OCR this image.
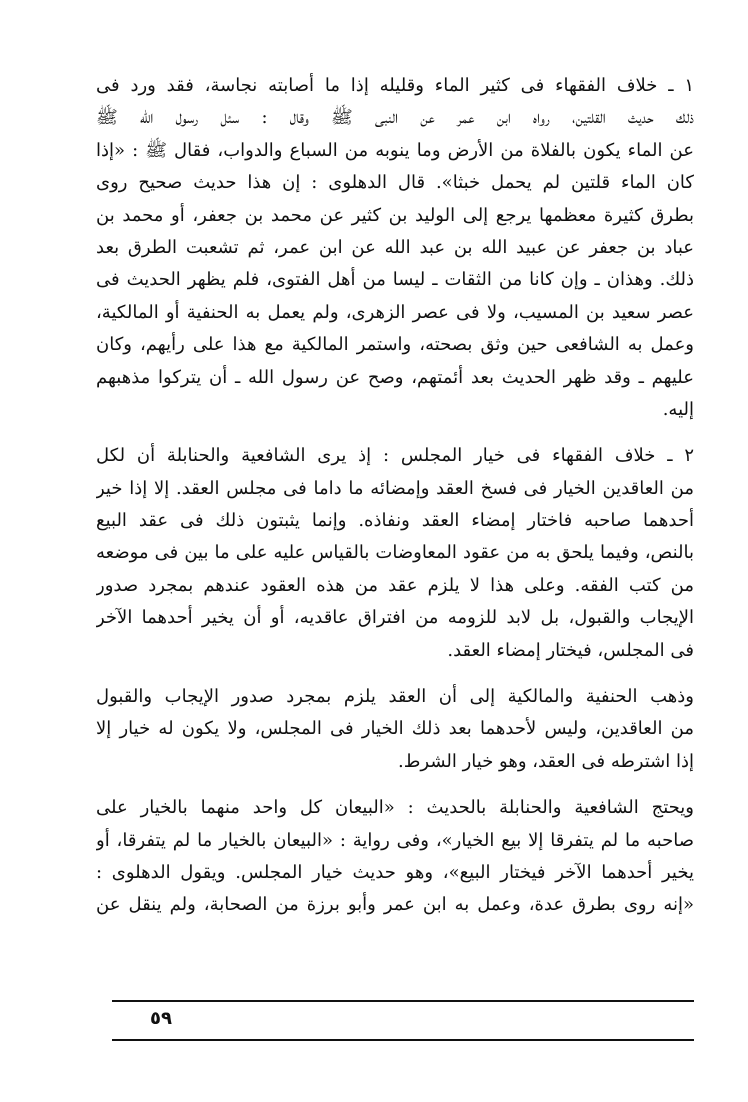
١ ـ خلاف الفقهاء فى كثير الماء وقليله إذا ما أصابته نجاسة، فقد ورد فى
ذلك حديث القلتين، رواه ابن عمر عن النبى ﷺ وقال : سئل رسول الله ﷺ
عن الماء يكون بالفلاة من الأرض وما ينوبه من السباع والدواب، فقال ﷺ : «إذا
كان الماء قلتين لم يحمل خبثا». قال الدهلوى : إن هذا حديث صحيح روى
بطرق كثيرة معظمها يرجع إلى الوليد بن كثير عن محمد بن جعفر، أو محمد بن
عباد بن جعفر عن عبيد الله بن عبد الله عن ابن عمر، ثم تشعبت الطرق بعد
ذلك. وهذان ـ وإن كانا من الثقات ـ ليسا من أهل الفتوى، فلم يظهر الحديث فى
عصر سعيد بن المسيب، ولا فى عصر الزهرى، ولم يعمل به الحنفية أو المالكية،
وعمل به الشافعى حين وثق بصحته، واستمر المالكية مع هذا على رأيهم، وكان
عليهم ـ وقد ظهر الحديث بعد أئمتهم، وصح عن رسول الله ـ أن يتركوا مذهبهم
إليه.
٢ ـ خلاف الفقهاء فى خيار المجلس : إذ يرى الشافعية والحنابلة أن لكل
من العاقدين الخيار فى فسخ العقد وإمضائه ما داما فى مجلس العقد. إلا إذا خير
أحدهما صاحبه فاختار إمضاء العقد ونفاذه. وإنما يثبتون ذلك فى عقد البيع
بالنص، وفيما يلحق به من عقود المعاوضات بالقياس عليه على ما بين فى موضعه
من كتب الفقه. وعلى هذا لا يلزم عقد من هذه العقود عندهم بمجرد صدور
الإيجاب والقبول، بل لابد للزومه من افتراق عاقديه، أو أن يخير أحدهما الآخر
فى المجلس، فيختار إمضاء العقد.
وذهب الحنفية والمالكية إلى أن العقد يلزم بمجرد صدور الإيجاب والقبول
من العاقدين، وليس لأحدهما بعد ذلك الخيار فى المجلس، ولا يكون له خيار إلا
إذا اشترطه فى العقد، وهو خيار الشرط.
ويحتج الشافعية والحنابلة بالحديث : «البيعان كل واحد منهما بالخيار على
صاحبه ما لم يتفرقا إلا بيع الخيار»، وفى رواية : «البيعان بالخيار ما لم يتفرقا، أو
يخير أحدهما الآخر فيختار البيع»، وهو حديث خيار المجلس. ويقول الدهلوى :
«إنه روى بطرق عدة، وعمل به ابن عمر وأبو برزة من الصحابة، ولم ينقل عن
٥٩
